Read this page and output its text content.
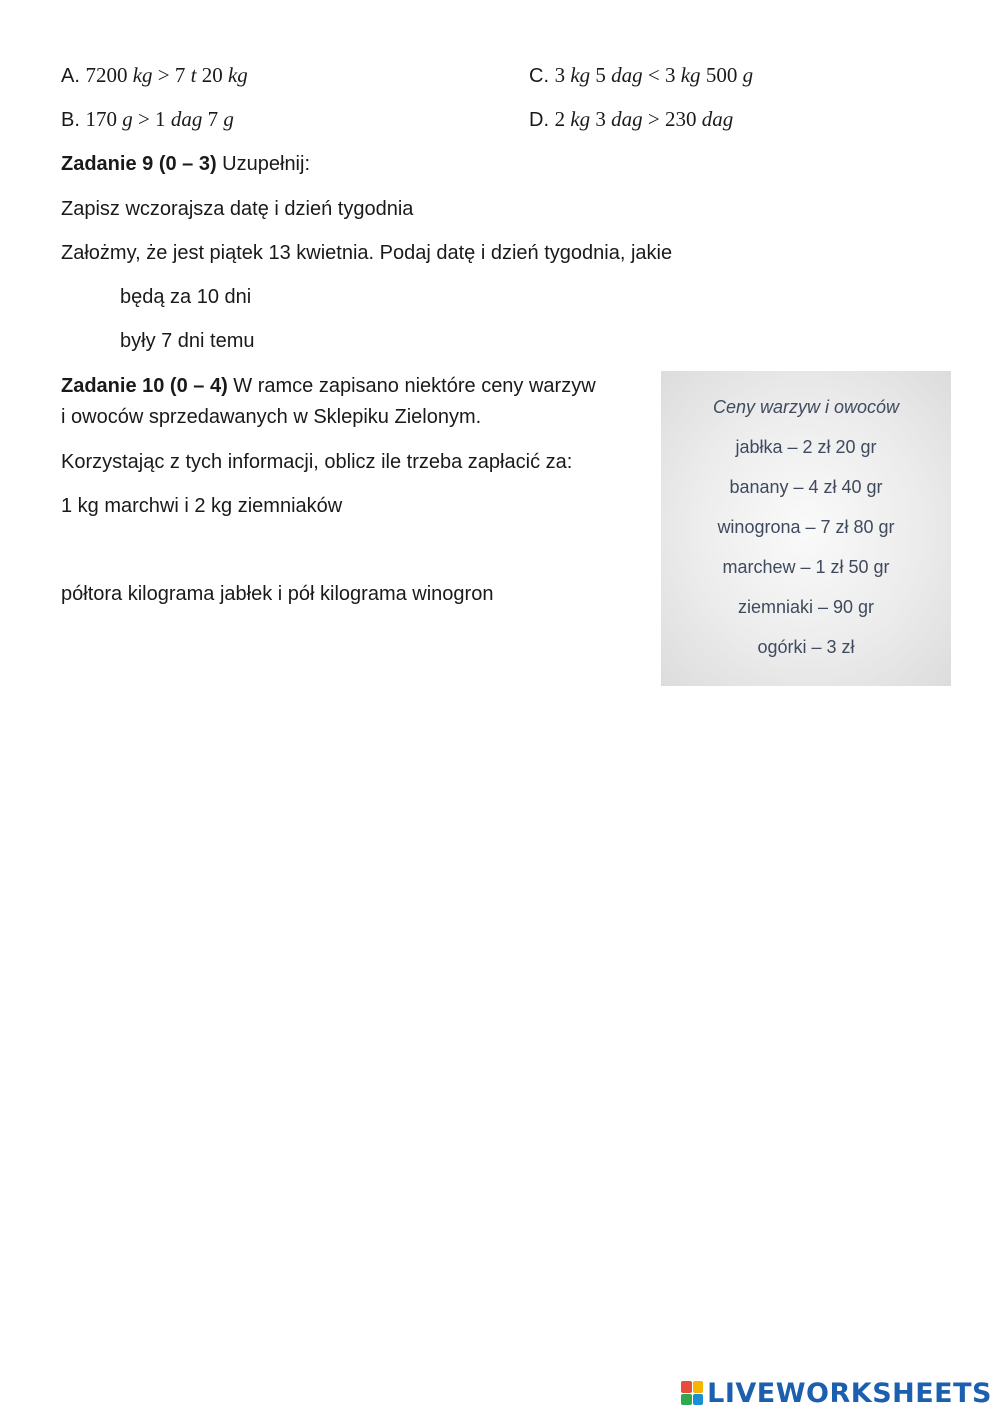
A. 7200 kg > 7 t 20 kg	C. 3 kg 5 dag < 3 kg 500 g
B. 170 g > 1 dag 7 g	D. 2 kg 3 dag > 230 dag
Zadanie 9 (0 – 3) Uzupełnij:
Zapisz wczorajsza datę i dzień tygodnia
Założmy, że jest piątek 13 kwietnia. Podaj datę i dzień tygodnia, jakie
będą za 10 dni
były 7 dni temu
Zadanie 10 (0 – 4) W ramce zapisano niektóre ceny warzyw
i owoców sprzedawanych w Sklepiku Zielonym.
Korzystając z tych informacji, oblicz ile trzeba zapłacić za:
1 kg marchwi i 2 kg ziemniaków
półtora kilograma jabłek i pół kilograma winogron
Ceny warzyw i owoców
jabłka – 2 zł 20 gr
banany – 4 zł 40 gr
winogrona – 7 zł 80 gr
marchew – 1 zł 50 gr
ziemniaki – 90 gr
ogórki – 3 zł
LIVEWORKSHEETS
